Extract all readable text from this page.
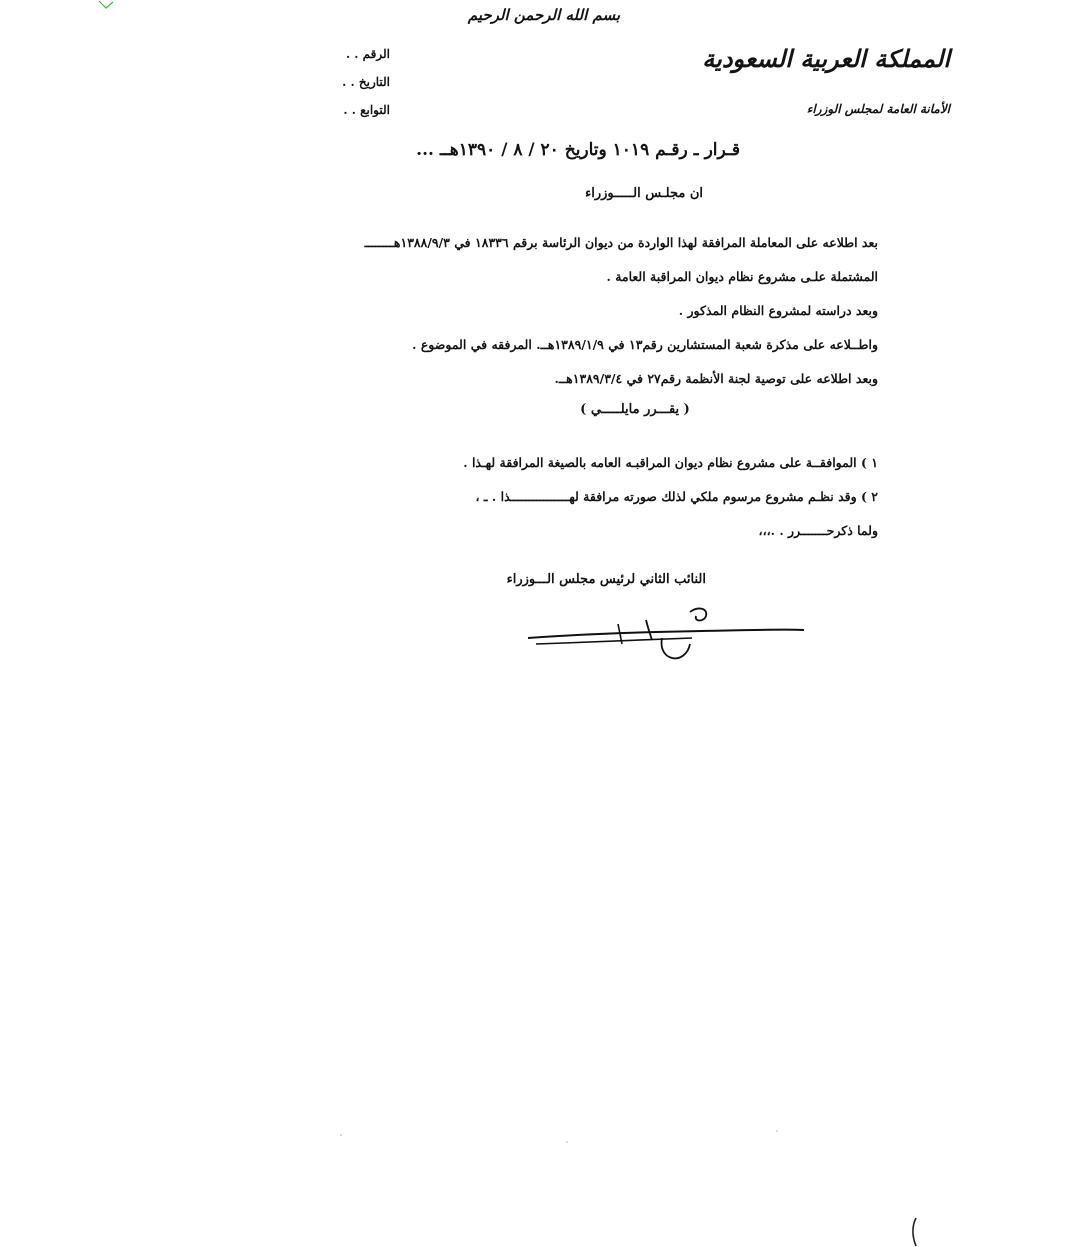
بسم الله الرحمن الرحيم
الرقم . .
التاريخ . .
التوابع . .
المملكة العربية السعودية
الأمانة العامة لمجلس الوزراء
قـرار ـ رقـم ١٠١٩ وتاريخ ٢٠ / ٨ / ١٣٩٠هــ ...
ان مجلـس الـــــوزراء
بعد اطلاعه على المعاملة المرافقة لهذا الواردة من ديوان الرئاسة برقم ١٨٣٣٦ في ١٣٨٨/٩/٣هــــــــ
المشتملة علـى مشروع نظام ديوان المراقبة العامة .
وبعد دراسته لمشروع النظام المذكور .
واطــلاعه على مذكرة شعبة المستشارين رقم١٣ في ١٣٨٩/١/٩هــ. المرفقه في الموضوع .
وبعد اطلاعه على توصية لجنة الأنظمة رقم٢٧ في ١٣٨٩/٣/٤هــ.
( يقـــرر مايلـــــي )
١ ) الموافقــة على مشروع نظام ديوان المراقبـه العامه بالصيغة المرافقة لهـذا .
٢ ) وقد نظـم مشروع مرسوم ملكي لذلك صورته مرافقة لهــــــــــــــــذا . ـ ،
ولما ذكرحـــــــرر . .،،،
النائب الثاني لرئيس مجلس الـــوزراء
